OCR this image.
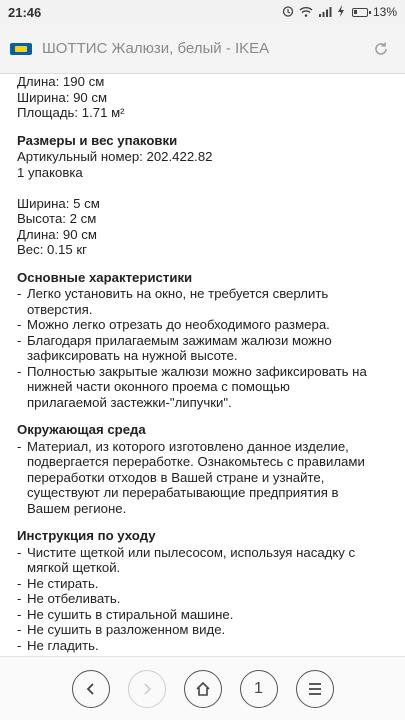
21:46	13%
ШОТТИС Жалюзи, белый - IKEA

Длина: 190 см
Ширина: 90 см
Площадь: 1.71 м²
Размеры и вес упаковки
Артикульный номер: 202.422.82
1 упаковка
Ширина: 5 см
Высота: 2 см
Длина: 90 см
Вес: 0.15 кг
Основные характеристики
- Легко установить на окно, не требуется сверлить
отверстия.
- Можно легко отрезать до необходимого размера.
- Благодаря прилагаемым зажимам жалюзи можно
зафиксировать на нужной высоте.
- Полностью закрытые жалюзи можно зафиксировать на
нижней части оконного проема с помощью
прилагаемой застежки-"липучки".
Окружающая среда
- Материал, из которого изготовлено данное изделие,
подвергается переработке. Ознакомьтесь с правилами
переработки отходов в Вашей стране и узнайте,
существуют ли перерабатывающие предприятия в
Вашем регионе.
Инструкция по уходу
- Чистите щеткой или пылесосом, используя насадку с
мягкой щеткой.
- Не стирать.
- Не отбеливать.
- Не сушить в стиральной машине.
- Не сушить в разложенном виде.
- Не гладить.
1
